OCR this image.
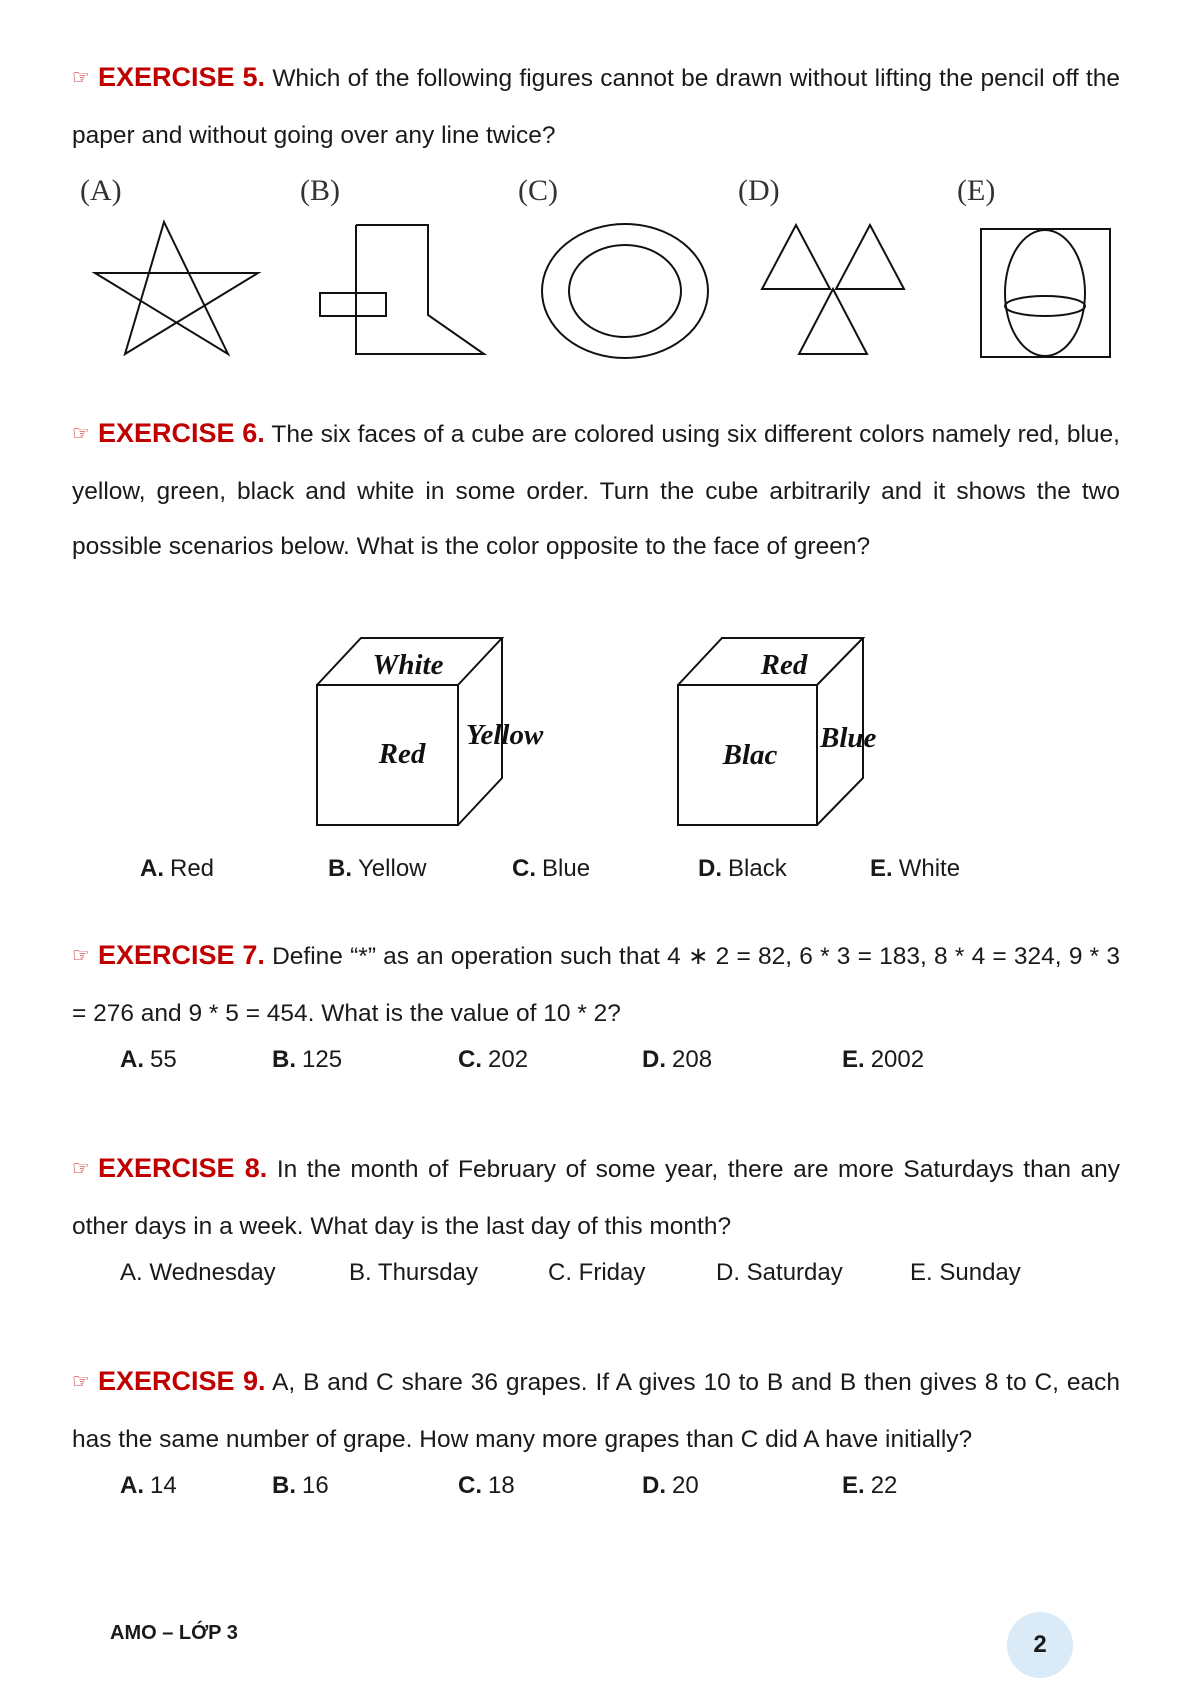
☞ EXERCISE 5. Which of the following figures cannot be drawn without lifting the pencil off the paper and without going over any line twice?
(A)	(B)	(C)	(D)	(E)
☞ EXERCISE 6. The six faces of a cube are colored using six different colors namely red, blue, yellow, green, black and white in some order. Turn the cube arbitrarily and it shows the two possible scenarios below. What is the color opposite to the face of green?
White
Red
Yellow
Red
Blac
Blue
A. Red	B. Yellow	C. Blue	D. Black	E. White
☞ EXERCISE 7. Define “*” as an operation such that 4 ∗ 2 = 82, 6 * 3 = 183, 8 * 4 = 324, 9 * 3 = 276 and 9 * 5 = 454. What is the value of 10 * 2?
A. 55	B. 125	C. 202	D. 208	E. 2002
☞ EXERCISE 8. In the month of February of some year, there are more Saturdays than any other days in a week. What day is the last day of this month?
A. Wednesday	B. Thursday	C. Friday	D. Saturday	E. Sunday
☞ EXERCISE 9. A, B and C share 36 grapes. If A gives 10 to B and B then gives 8 to C, each has the same number of grape. How many more grapes than C did A have initially?
A. 14	B. 16	C. 18	D. 20	E. 22
AMO – LỚP 3	2
